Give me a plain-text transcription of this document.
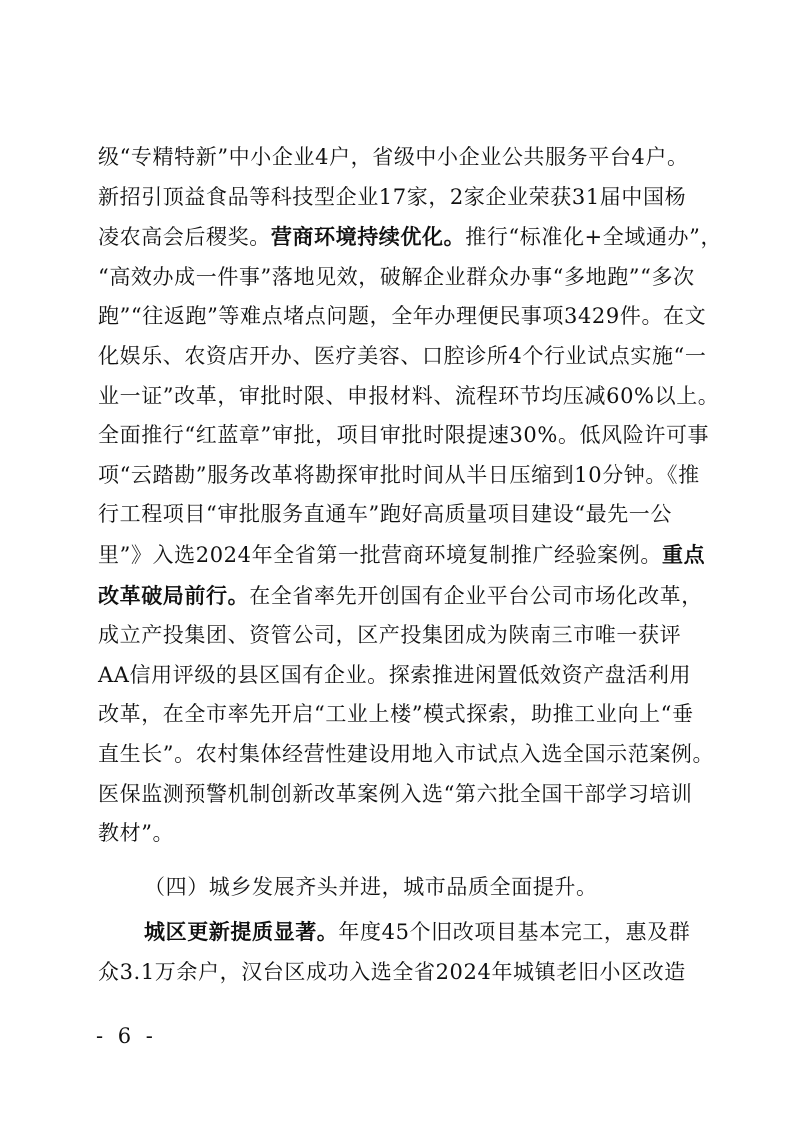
级“专精特新”中小企业4户，省级中小企业公共服务平台4户。
新招引顶益食品等科技型企业17家，2家企业荣获31届中国杨
凌农高会后稷奖。营商环境持续优化。推行“标准化+全域通办”，
“高效办成一件事”落地见效，破解企业群众办事“多地跑”“多次
跑”“往返跑”等难点堵点问题，全年办理便民事项3429件。在文
化娱乐、农资店开办、医疗美容、口腔诊所4个行业试点实施“一
业一证”改革，审批时限、申报材料、流程环节均压减60%以上。
全面推行“红蓝章”审批，项目审批时限提速30%。低风险许可事
项“云踏勘”服务改革将勘探审批时间从半日压缩到10分钟。《推
行工程项目“审批服务直通车”跑好高质量项目建设“最先一公
里”》入选2024年全省第一批营商环境复制推广经验案例。重点
改革破局前行。在全省率先开创国有企业平台公司市场化改革，
成立产投集团、资管公司，区产投集团成为陕南三市唯一获评
AA信用评级的县区国有企业。探索推进闲置低效资产盘活利用
改革，在全市率先开启“工业上楼”模式探索，助推工业向上“垂
直生长”。农村集体经营性建设用地入市试点入选全国示范案例。
医保监测预警机制创新改革案例入选“第六批全国干部学习培训
教材”。
（四）城乡发展齐头并进，城市品质全面提升。
城区更新提质显著。年度45个旧改项目基本完工，惠及群
众3.1万余户，汉台区成功入选全省2024年城镇老旧小区改造
- 6 -
